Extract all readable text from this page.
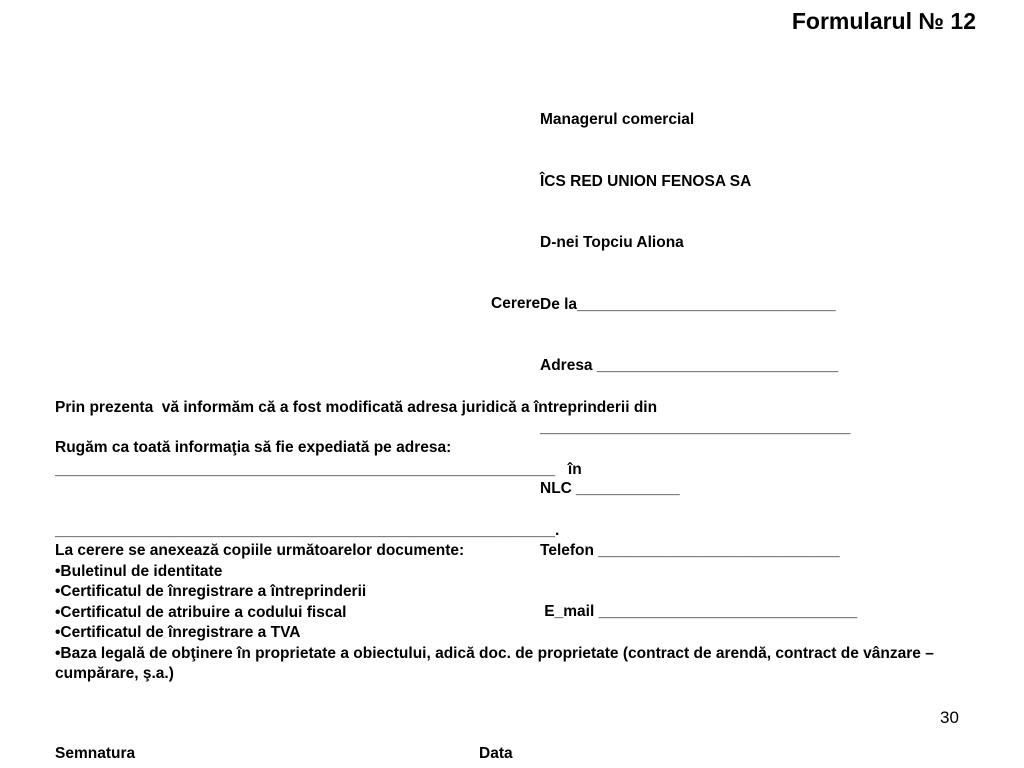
Formularul № 12

Managerul comercial

ÎCS RED UNION FENOSA SA

D-nei Topciu Aliona

De la______________________________

Adresa ____________________________

____________________________________

NLC ____________

Telefon ____________________________

E_mail ______________________________

Cerere

Prin prezenta  vă informăm că a fost modificată adresa juridică a întreprinderii din

__________________________________________________________   în

__________________________________________________________.

Rugăm ca toată informaţia să fie expediată pe adresa:
La cerere se anexează copiile următoarelor documente:
•Buletinul de identitate
•Certificatul de înregistrare a întreprinderii
•Certificatul de atribuire a codului fiscal
•Certificatul de înregistrare a TVA
•Baza legală de obţinere în proprietate a obiectului, adică doc. de proprietate (contract de arendă, contract de vânzare – cumpărare, ş.a.)
30
Semnatura	Data
